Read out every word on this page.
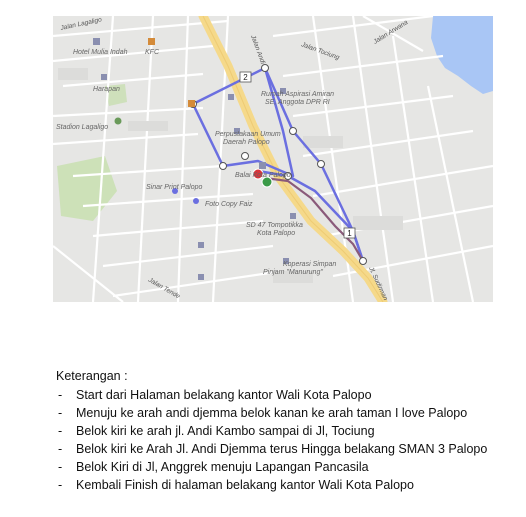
2
1
Hotel Mulia Indah	KFC
Harapan
Stadion Lagaligo
Rumah Aspirasi Amiran
SE, Anggota DPR RI
Perpustakaan Umum
Daerah Palopo
Balai Kota Palopo
Sinar Print Palopo
Foto Copy Faiz
SD 47 Tompotikka
Kota Palopo
Koperasi Simpan
Pinjam "Manurung"
Jalan Lagaligo
Jalan Tociung
Jalan Arwana
Jalan Andi
Jalan Tende	Jl. Sudirman
Keterangan :
- Start dari Halaman belakang kantor Wali Kota Palopo
- Menuju ke arah andi djemma belok kanan ke arah taman I love Palopo
- Belok kiri ke arah jl. Andi Kambo sampai di Jl, Tociung
- Belok kiri ke Arah Jl. Andi Djemma terus Hingga belakang SMAN 3 Palopo
- Belok Kiri di Jl, Anggrek menuju Lapangan Pancasila
- Kembali Finish di halaman belakang kantor Wali Kota Palopo
